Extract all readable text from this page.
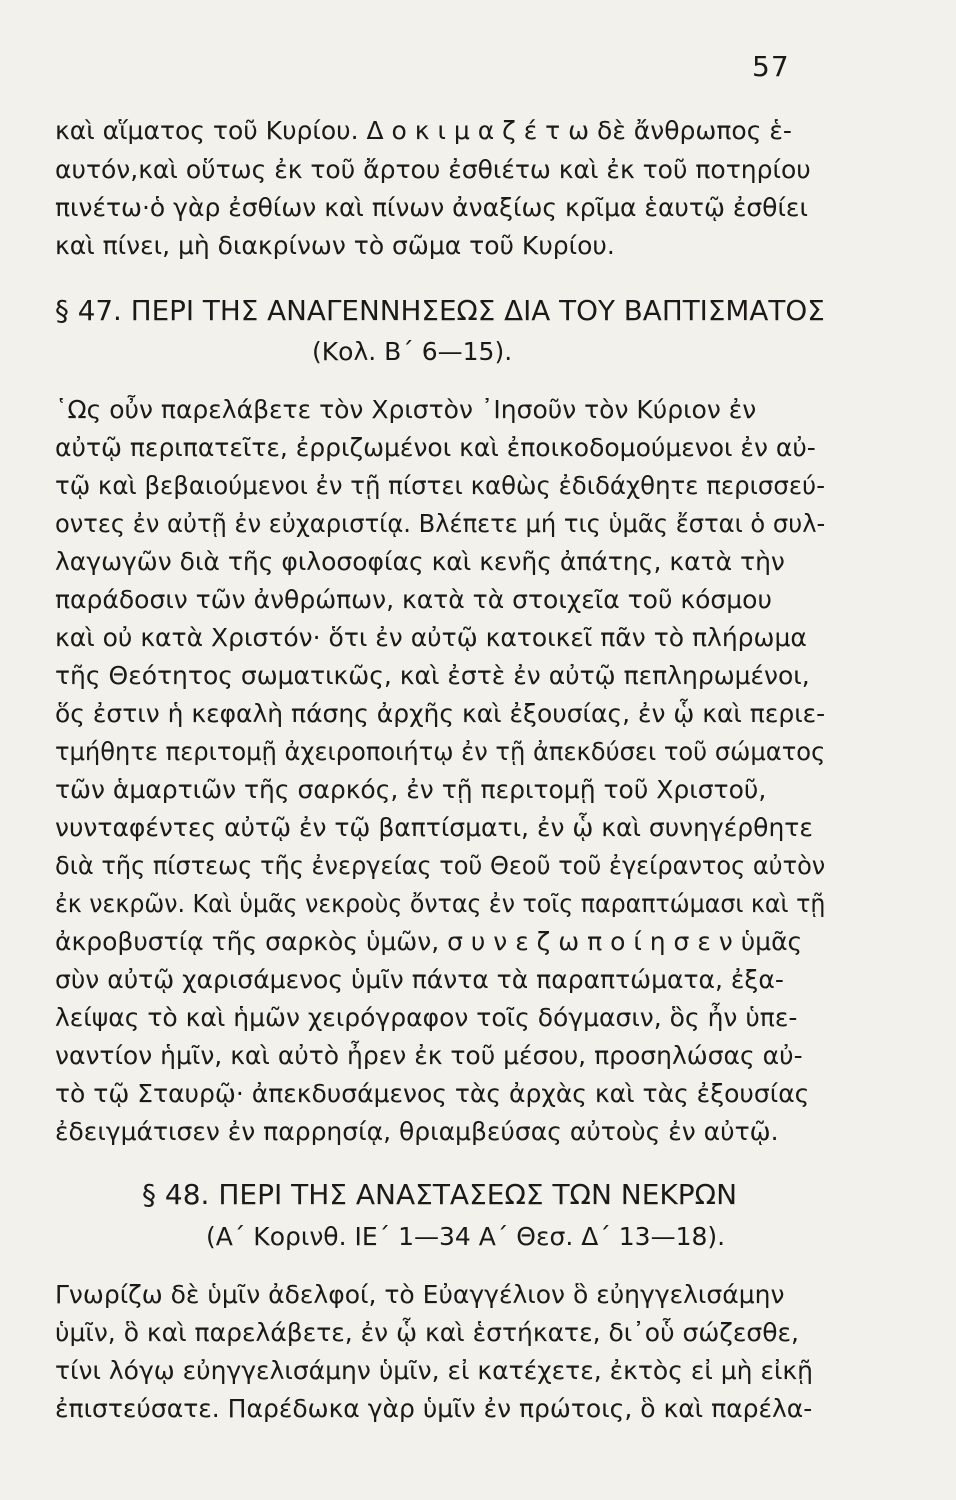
57
καὶ αἵματος τοῦ Κυρίου. Δ ο κ ι μ α ζ έ τ ω δὲ ἄνθρωπος ἑ-
αυτόν,καὶ οὕτως ἐκ τοῦ ἄρτου ἐσθιέτω καὶ ἐκ τοῦ ποτηρίου
πινέτω·ὁ γὰρ ἐσθίων καὶ πίνων ἀναξίως κρῖμα ἑαυτῷ ἐσθίει
καὶ πίνει, μὴ διακρίνων τὸ σῶμα τοῦ Κυρίου.
§ 47. ΠΕΡΙ ΤΗΣ ΑΝΑΓΕΝΝΗΣΕΩΣ ΔΙΑ ΤΟΥ ΒΑΠΤΙΣΜΑΤΟΣ
(Κολ. Β΄ 6—15).
῾Ως οὖν παρελάβετε τὸν Χριστὸν ᾿Ιησοῦν τὸν Κύριον ἐν
αὐτῷ περιπατεῖτε, ἐρριζωμένοι καὶ ἐποικοδομούμενοι ἐν αὐ-
τῷ καὶ βεβαιούμενοι ἐν τῇ πίστει καθὼς ἐδιδάχθητε περισσεύ-
οντες ἐν αὐτῇ ἐν εὐχαριστίᾳ. Βλέπετε μή τις ὑμᾶς ἔσται ὁ συλ-
λαγωγῶν διὰ τῆς φιλοσοφίας καὶ κενῆς ἀπάτης, κατὰ τὴν
παράδοσιν τῶν ἀνθρώπων, κατὰ τὰ στοιχεῖα τοῦ κόσμου
καὶ οὐ κατὰ Χριστόν· ὅτι ἐν αὐτῷ κατοικεῖ πᾶν τὸ πλήρωμα
τῆς Θεότητος σωματικῶς, καὶ ἐστὲ ἐν αὐτῷ πεπληρωμένοι,
ὅς ἐστιν ἡ κεφαλὴ πάσης ἀρχῆς καὶ ἐξουσίας, ἐν ᾧ καὶ περιε-
τμήθητε περιτομῇ ἀχειροποιήτῳ ἐν τῇ ἀπεκδύσει τοῦ σώματος
τῶν ἁμαρτιῶν τῆς σαρκός, ἐν τῇ περιτομῇ τοῦ Χριστοῦ,
νυνταφέντες αὐτῷ ἐν τῷ βαπτίσματι, ἐν ᾧ καὶ συνηγέρθητε
διὰ τῆς πίστεως τῆς ἐνεργείας τοῦ Θεοῦ τοῦ ἐγείραντος αὐτὸν
ἐκ νεκρῶν. Καὶ ὑμᾶς νεκροὺς ὄντας ἐν τοῖς παραπτώμασι καὶ τῇ
ἀκροβυστίᾳ τῆς σαρκὸς ὑμῶν, σ υ ν ε ζ ω π ο ί η σ ε ν ὑμᾶς
σὺν αὐτῷ χαρισάμενος ὑμῖν πάντα τὰ παραπτώματα, ἐξα-
λείψας τὸ καὶ ἡμῶν χειρόγραφον τοῖς δόγμασιν, ὃς ἦν ὑπε-
ναντίον ἡμῖν, καὶ αὐτὸ ἦρεν ἐκ τοῦ μέσου, προσηλώσας αὐ-
τὸ τῷ Σταυρῷ· ἀπεκδυσάμενος τὰς ἀρχὰς καὶ τὰς ἐξουσίας
ἐδειγμάτισεν ἐν παρρησίᾳ, θριαμβεύσας αὐτοὺς ἐν αὐτῷ.
§ 48. ΠΕΡΙ ΤΗΣ ΑΝΑΣΤΑΣΕΩΣ ΤΩΝ ΝΕΚΡΩΝ
(Α΄ Κορινθ. ΙΕ΄ 1—34 Α΄ Θεσ. Δ΄ 13—18).
Γνωρίζω δὲ ὑμῖν ἀδελφοί, τὸ Εὐαγγέλιον ὃ εὐηγγελισάμην
ὑμῖν, ὃ καὶ παρελάβετε, ἐν ᾧ καὶ ἑστήκατε, δι᾿οὗ σώζεσθε,
τίνι λόγῳ εὐηγγελισάμην ὑμῖν, εἰ κατέχετε, ἐκτὸς εἰ μὴ εἰκῇ
ἐπιστεύσατε. Παρέδωκα γὰρ ὑμῖν ἐν πρώτοις, ὃ καὶ παρέλα-
